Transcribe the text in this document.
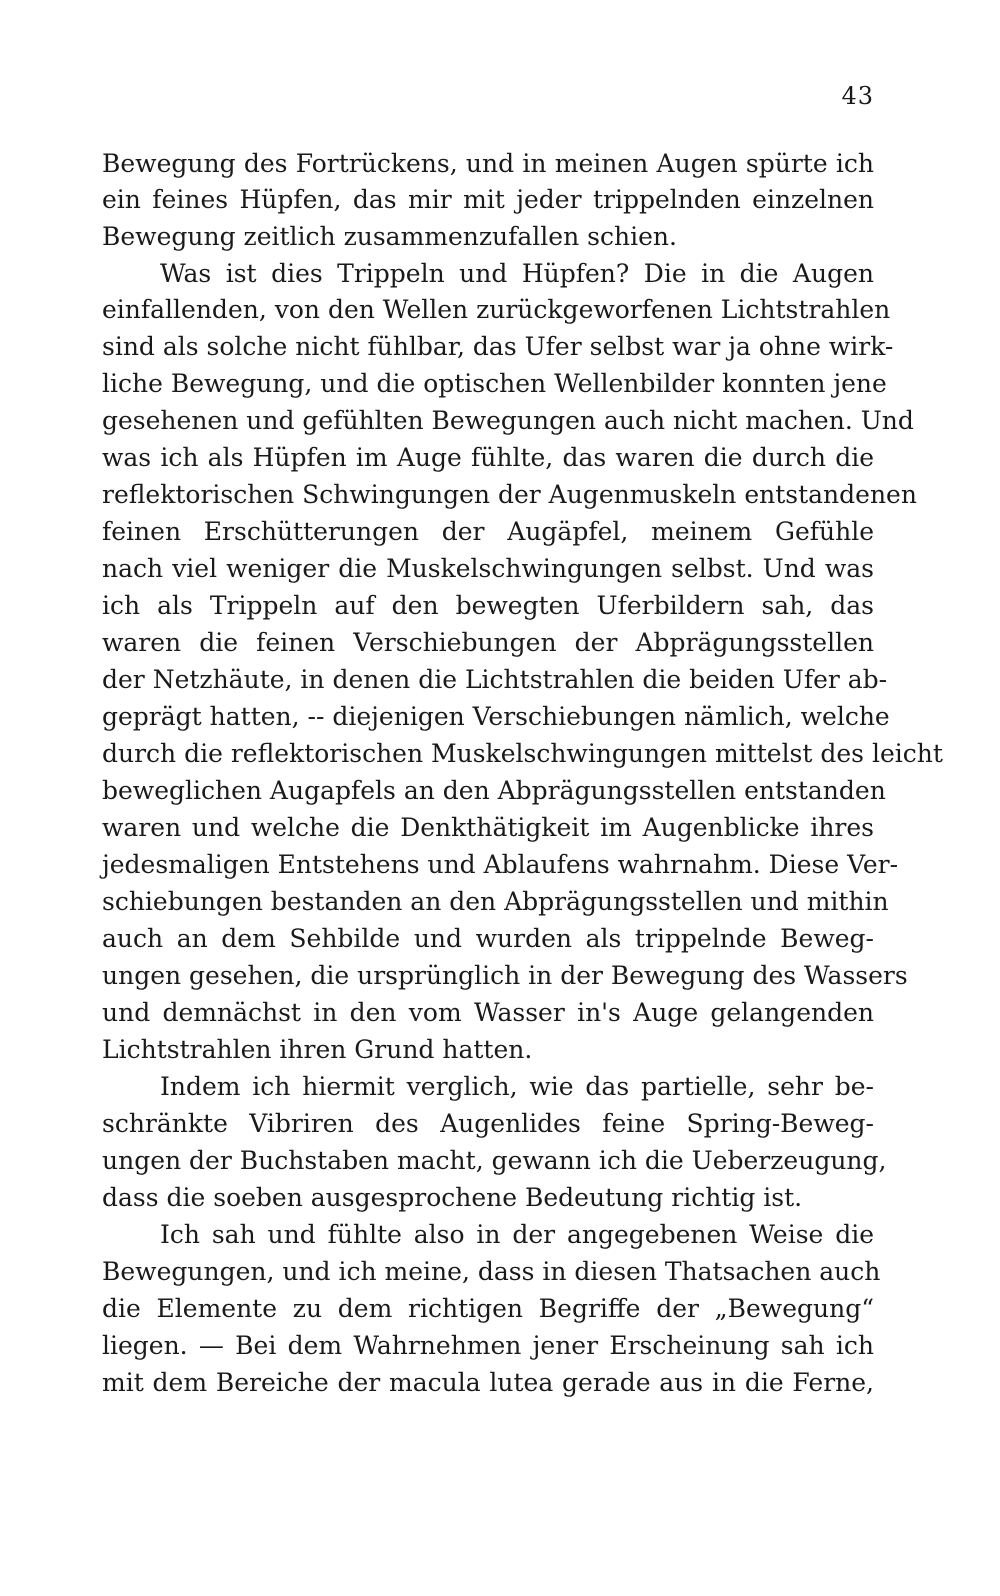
43
Bewegung des Fortrückens, und in meinen Augen spürte ich
ein feines Hüpfen, das mir mit jeder trippelnden einzelnen
Bewegung zeitlich zusammenzufallen schien.
Was ist dies Trippeln und Hüpfen? Die in die Augen
einfallenden, von den Wellen zurückgeworfenen Lichtstrahlen
sind als solche nicht fühlbar, das Ufer selbst war ja ohne wirk-
liche Bewegung, und die optischen Wellenbilder konnten jene
gesehenen und gefühlten Bewegungen auch nicht machen. Und
was ich als Hüpfen im Auge fühlte, das waren die durch die
reflektorischen Schwingungen der Augenmuskeln entstandenen
feinen Erschütterungen der Augäpfel, meinem Gefühle
nach viel weniger die Muskelschwingungen selbst. Und was
ich als Trippeln auf den bewegten Uferbildern sah, das
waren die feinen Verschiebungen der Abprägungsstellen
der Netzhäute, in denen die Lichtstrahlen die beiden Ufer ab-
geprägt hatten, -- diejenigen Verschiebungen nämlich, welche
durch die reflektorischen Muskelschwingungen mittelst des leicht
beweglichen Augapfels an den Abprägungsstellen entstanden
waren und welche die Denkthätigkeit im Augenblicke ihres
jedesmaligen Entstehens und Ablaufens wahrnahm. Diese Ver-
schiebungen bestanden an den Abprägungsstellen und mithin
auch an dem Sehbilde und wurden als trippelnde Beweg-
ungen gesehen, die ursprünglich in der Bewegung des Wassers
und demnächst in den vom Wasser in's Auge gelangenden
Lichtstrahlen ihren Grund hatten.
Indem ich hiermit verglich, wie das partielle, sehr be-
schränkte Vibriren des Augenlides feine Spring-Beweg-
ungen der Buchstaben macht, gewann ich die Ueberzeugung,
dass die soeben ausgesprochene Bedeutung richtig ist.
Ich sah und fühlte also in der angegebenen Weise die
Bewegungen, und ich meine, dass in diesen Thatsachen auch
die Elemente zu dem richtigen Begriffe der „Bewegung“
liegen. — Bei dem Wahrnehmen jener Erscheinung sah ich
mit dem Bereiche der macula lutea gerade aus in die Ferne,
